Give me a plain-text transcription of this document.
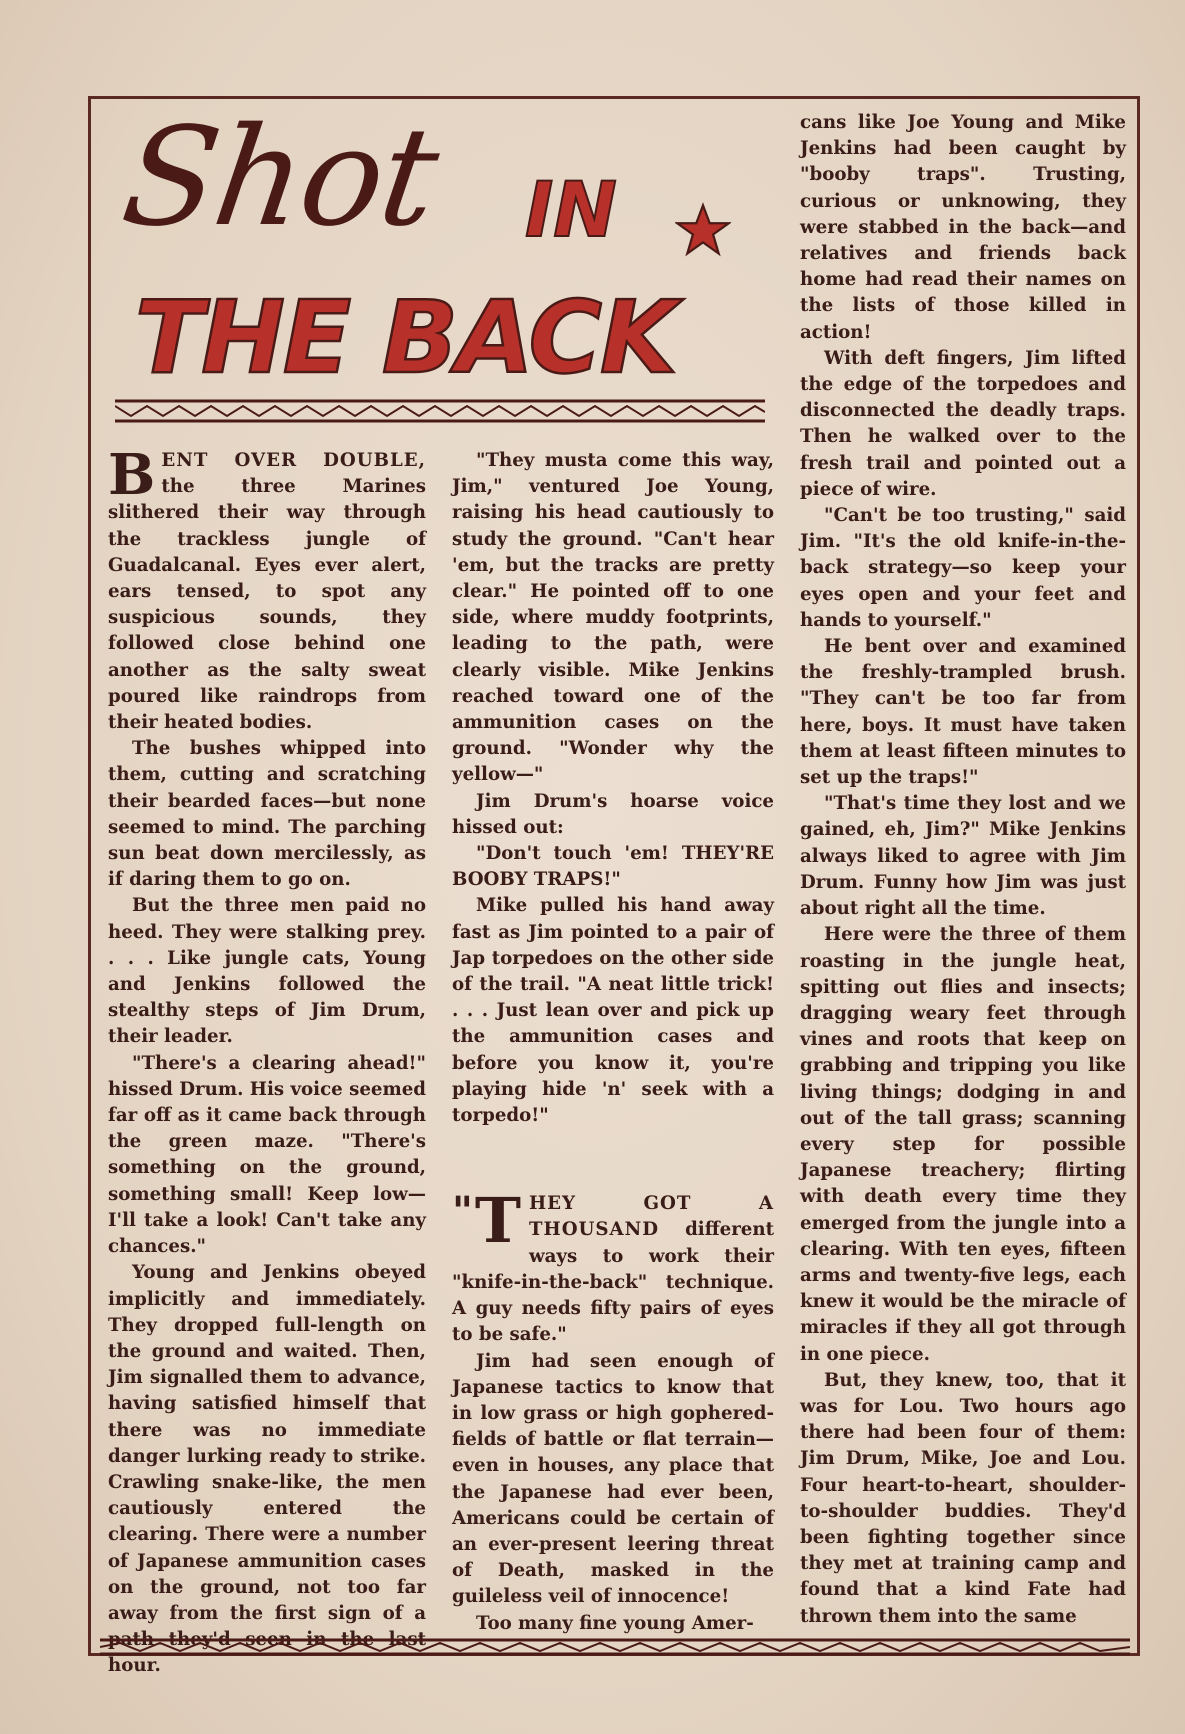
Shot IN
THE BACK

BENT OVER DOUBLE, the three Marines slithered their way through the trackless jungle of Guadalcanal. Eyes ever alert, ears tensed, to spot any suspicious sounds, they followed close behind one another as the salty sweat poured like raindrops from their heated bodies.

The bushes whipped into them, cutting and scratching their bearded faces—but none seemed to mind. The parching sun beat down mercilessly, as if daring them to go on.

But the three men paid no heed. They were stalking prey. . . . Like jungle cats, Young and Jenkins followed the stealthy steps of Jim Drum, their leader.

"There's a clearing ahead!" hissed Drum. His voice seemed far off as it came back through the green maze. "There's something on the ground, something small! Keep low—I'll take a look! Can't take any chances."

Young and Jenkins obeyed implicitly and immediately. They dropped full-length on the ground and waited. Then, Jim signalled them to advance, having satisfied himself that there was no immediate danger lurking ready to strike. Crawling snake-like, the men cautiously entered the clearing. There were a number of Japanese ammunition cases on the ground, not too far away from the first sign of a path they'd seen in the last hour.

"They musta come this way, Jim," ventured Joe Young, raising his head cautiously to study the ground. "Can't hear 'em, but the tracks are pretty clear." He pointed off to one side, where muddy footprints, leading to the path, were clearly visible. Mike Jenkins reached toward one of the ammunition cases on the ground. "Wonder why the yellow—"

Jim Drum's hoarse voice hissed out:

"Don't touch 'em! THEY'RE BOOBY TRAPS!"

Mike pulled his hand away fast as Jim pointed to a pair of Jap torpedoes on the other side of the trail. "A neat little trick! . . . Just lean over and pick up the ammunition cases and before you know it, you're playing hide 'n' seek with a torpedo!"

" T HEY GOT A THOUSAND different ways to work their "knife-in-the-back" technique. A guy needs fifty pairs of eyes to be safe."

Jim had seen enough of Japanese tactics to know that in low grass or high gophered-fields of battle or flat terrain—even in houses, any place that the Japanese had ever been, Americans could be certain of an ever-present leering threat of Death, masked in the guileless veil of innocence!

Too many fine young Amer-

cans like Joe Young and Mike Jenkins had been caught by "booby traps". Trusting, curious or unknowing, they were stabbed in the back—and relatives and friends back home had read their names on the lists of those killed in action!

With deft fingers, Jim lifted the edge of the torpedoes and disconnected the deadly traps. Then he walked over to the fresh trail and pointed out a piece of wire.

"Can't be too trusting," said Jim. "It's the old knife-in-the-back strategy—so keep your eyes open and your feet and hands to yourself."

He bent over and examined the freshly-trampled brush. "They can't be too far from here, boys. It must have taken them at least fifteen minutes to set up the traps!"

"That's time they lost and we gained, eh, Jim?" Mike Jenkins always liked to agree with Jim Drum. Funny how Jim was just about right all the time.

Here were the three of them roasting in the jungle heat, spitting out flies and insects; dragging weary feet through vines and roots that keep on grabbing and tripping you like living things; dodging in and out of the tall grass; scanning every step for possible Japanese treachery; flirting with death every time they emerged from the jungle into a clearing. With ten eyes, fifteen arms and twenty-five legs, each knew it would be the miracle of miracles if they all got through in one piece.

But, they knew, too, that it was for Lou. Two hours ago there had been four of them: Jim Drum, Mike, Joe and Lou. Four heart-to-heart, shoulder-to-shoulder buddies. They'd been fighting together since they met at training camp and found that a kind Fate had thrown them into the same
